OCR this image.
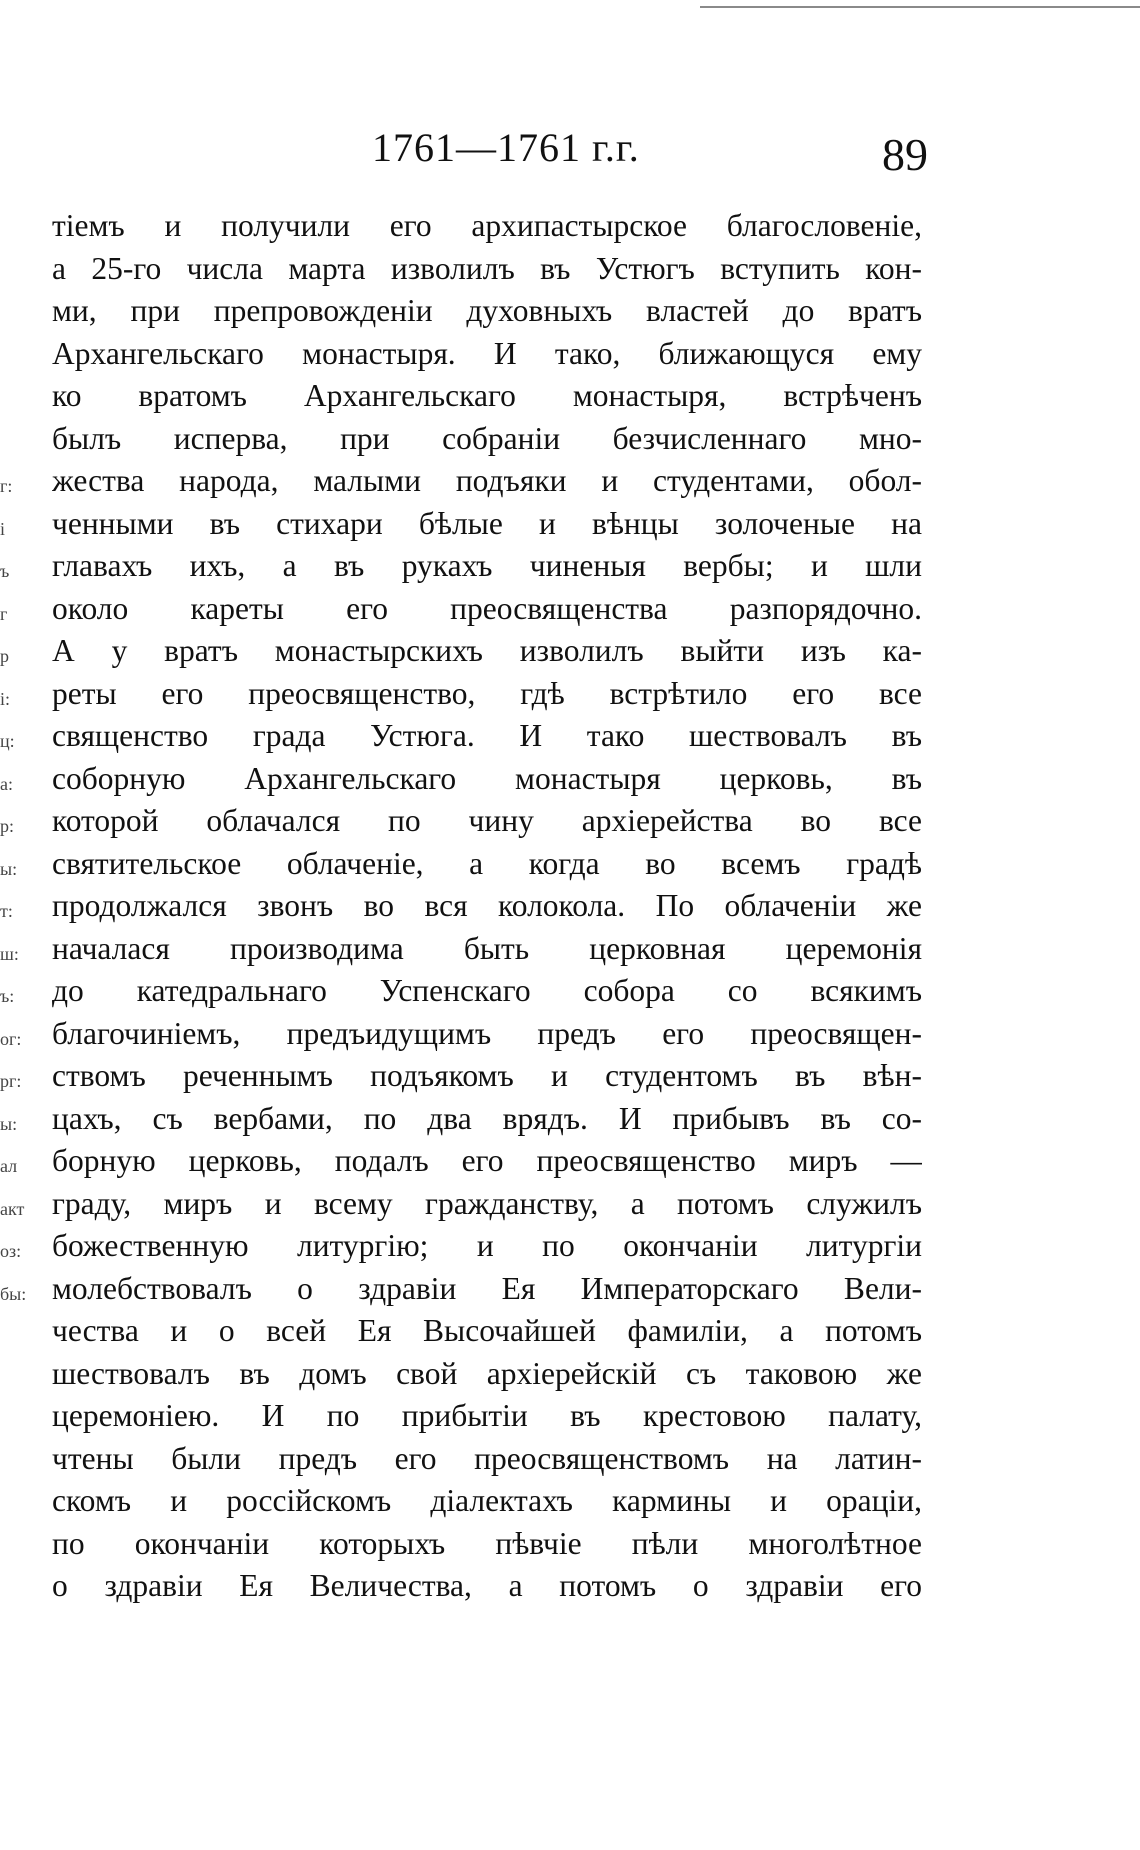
1761—1761 г.г.	89
г:
і
ъ
г
р
і:
ц:
а:
р:
ы:
т:
ш:
ъ:
ог:
рг:
ы:
ал
акт
оз:
бы:
тіемъ и получили его архипастырское благословеніе,
а 25-го числа марта изволилъ въ Устюгъ вступить кон-
ми, при препровожденіи духовныхъ властей до вратъ
Архангельскаго монастыря. И тако, ближающуся ему
ко вратомъ Архангельскаго монастыря, встрѣченъ
былъ исперва, при собраніи безчисленнаго мно-
жества народа, малыми подъяки и студентами, обол-
ченными въ стихари бѣлые и вѣнцы золоченые на
главахъ ихъ, а въ рукахъ чиненыя вербы; и шли
около кареты его преосвященства разпорядочно.
А у вратъ монастырскихъ изволилъ выйти изъ ка-
реты его преосвященство, гдѣ встрѣтило его все
священство града Устюга. И тако шествовалъ въ
соборную Архангельскаго монастыря церковь, въ
которой облачался по чину архіерейства во все
святительское облаченіе, а когда во всемъ градѣ
продолжался звонъ во вся колокола. По облаченіи же
началася производима быть церковная церемонія
до катедральнаго Успенскаго собора со всякимъ
благочиніемъ, предъидущимъ предъ его преосвящен-
ствомъ реченнымъ подъякомъ и студентомъ въ вѣн-
цахъ, съ вербами, по два врядъ. И прибывъ въ со-
борную церковь, подалъ его преосвященство миръ —
граду, миръ и всему гражданству, а потомъ служилъ
божественную литургію; и по окончаніи литургіи
молебствовалъ о здравіи Ея Императорскаго Вели-
чества и о всей Ея Высочайшей фамиліи, а потомъ
шествовалъ въ домъ свой архіерейскій съ таковою же
церемоніею. И по прибытіи въ крестовою палату,
чтены были предъ его преосвященствомъ на латин-
скомъ и россійскомъ діалектахъ кармины и ораціи,
по окончаніи которыхъ пѣвчіе пѣли многолѣтное
о здравіи Ея Величества, а потомъ о здравіи его
